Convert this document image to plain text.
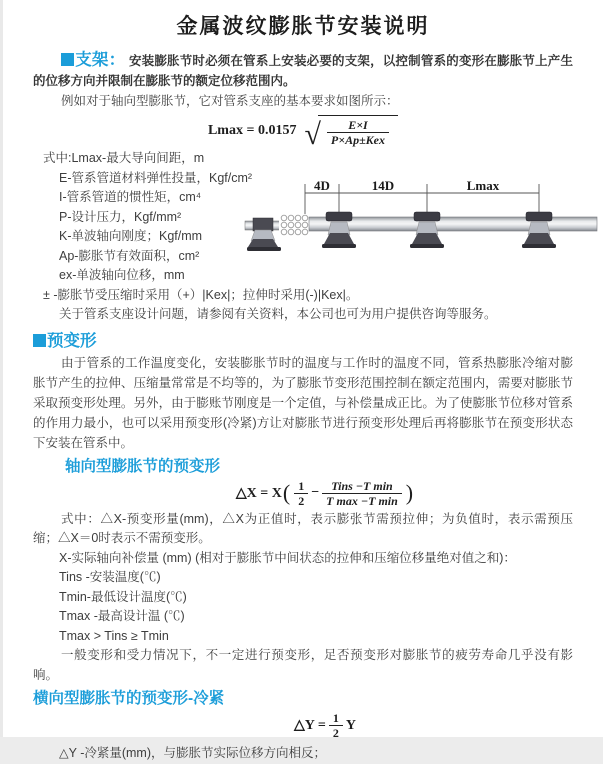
金属波纹膨胀节安装说明

支架： 安装膨胀节时必须在管系上安装必要的支架，以控制管系的变形在膨胀节上产生的位移方向并限制在膨胀节的额定位移范围内。

例如对于轴向型膨胀节，它对管系支座的基本要求如图所示：

Lmax = 0.0157 √ $\frac{E\times I}{\text{P×Ap±Kex}}$
式中:Lmax-最大导向间距，m
E-管系管道材料弹性投量，Kgf/cm²
I-管系管道的惯性矩，cm⁴
P-设计压力，Kgf/mm²
K-单波轴向刚度；Kgf/mm
Ap-膨胀节有效面积，cm²
ex-单波轴向位移，mm
± -膨胀节受压缩时采用（+）|Kex|；拉伸时采用(-)|Kex|。
关于管系支座设计问题，请参阅有关资料，本公司也可为用户提供咨询等服务。
预变形

由于管系的工作温度变化，安装膨胀节时的温度与工作时的温度不同，管系热膨胀冷缩对膨胀节产生的拉伸、压缩量常常是不均等的，为了膨胀节变形范围控制在额定范围内，需要对膨胀节采取预变形处理。另外，由于膨账节刚度是一个定值，与补偿量成正比。为了使膨胀节位移对管系的作用力最小，也可以采用预变形(冷紧)方让对膨胀节进行预变形处理后再将膨胀节在预变形状态下安装在管系中。

轴向型膨胀节的预变形
△X = X ( $\frac{1}{2} - \frac{\text{Tins −T min}}{\text{T max −T min}}$ )
式中：△X-预变形量(mm)，△X为正值时，表示膨张节需预拉伸；为负值时，表示需预压缩；△X＝0时表示不需预变形。
X-实际轴向补偿量 (mm) (相对于膨胀节中间状态的拉伸和压缩位移量绝对值之和)：
Tins -安装温度(℃)
Tmin-最低设计温度(℃)
Tmax -最高设计温 (℃)
Tmax > Tins ≥ Tmin
一般变形和受力情况下，不一定进行预变形，足否预变形对膨胀节的疲劳寿命几乎没有影响。
横向型膨胀节的预变形-冷紧
△Y = $\frac{1}{2}$ Y
△Y -冷紧量(mm)，与膨胀节实际位移方向相反；
4D	14D	Lmax
